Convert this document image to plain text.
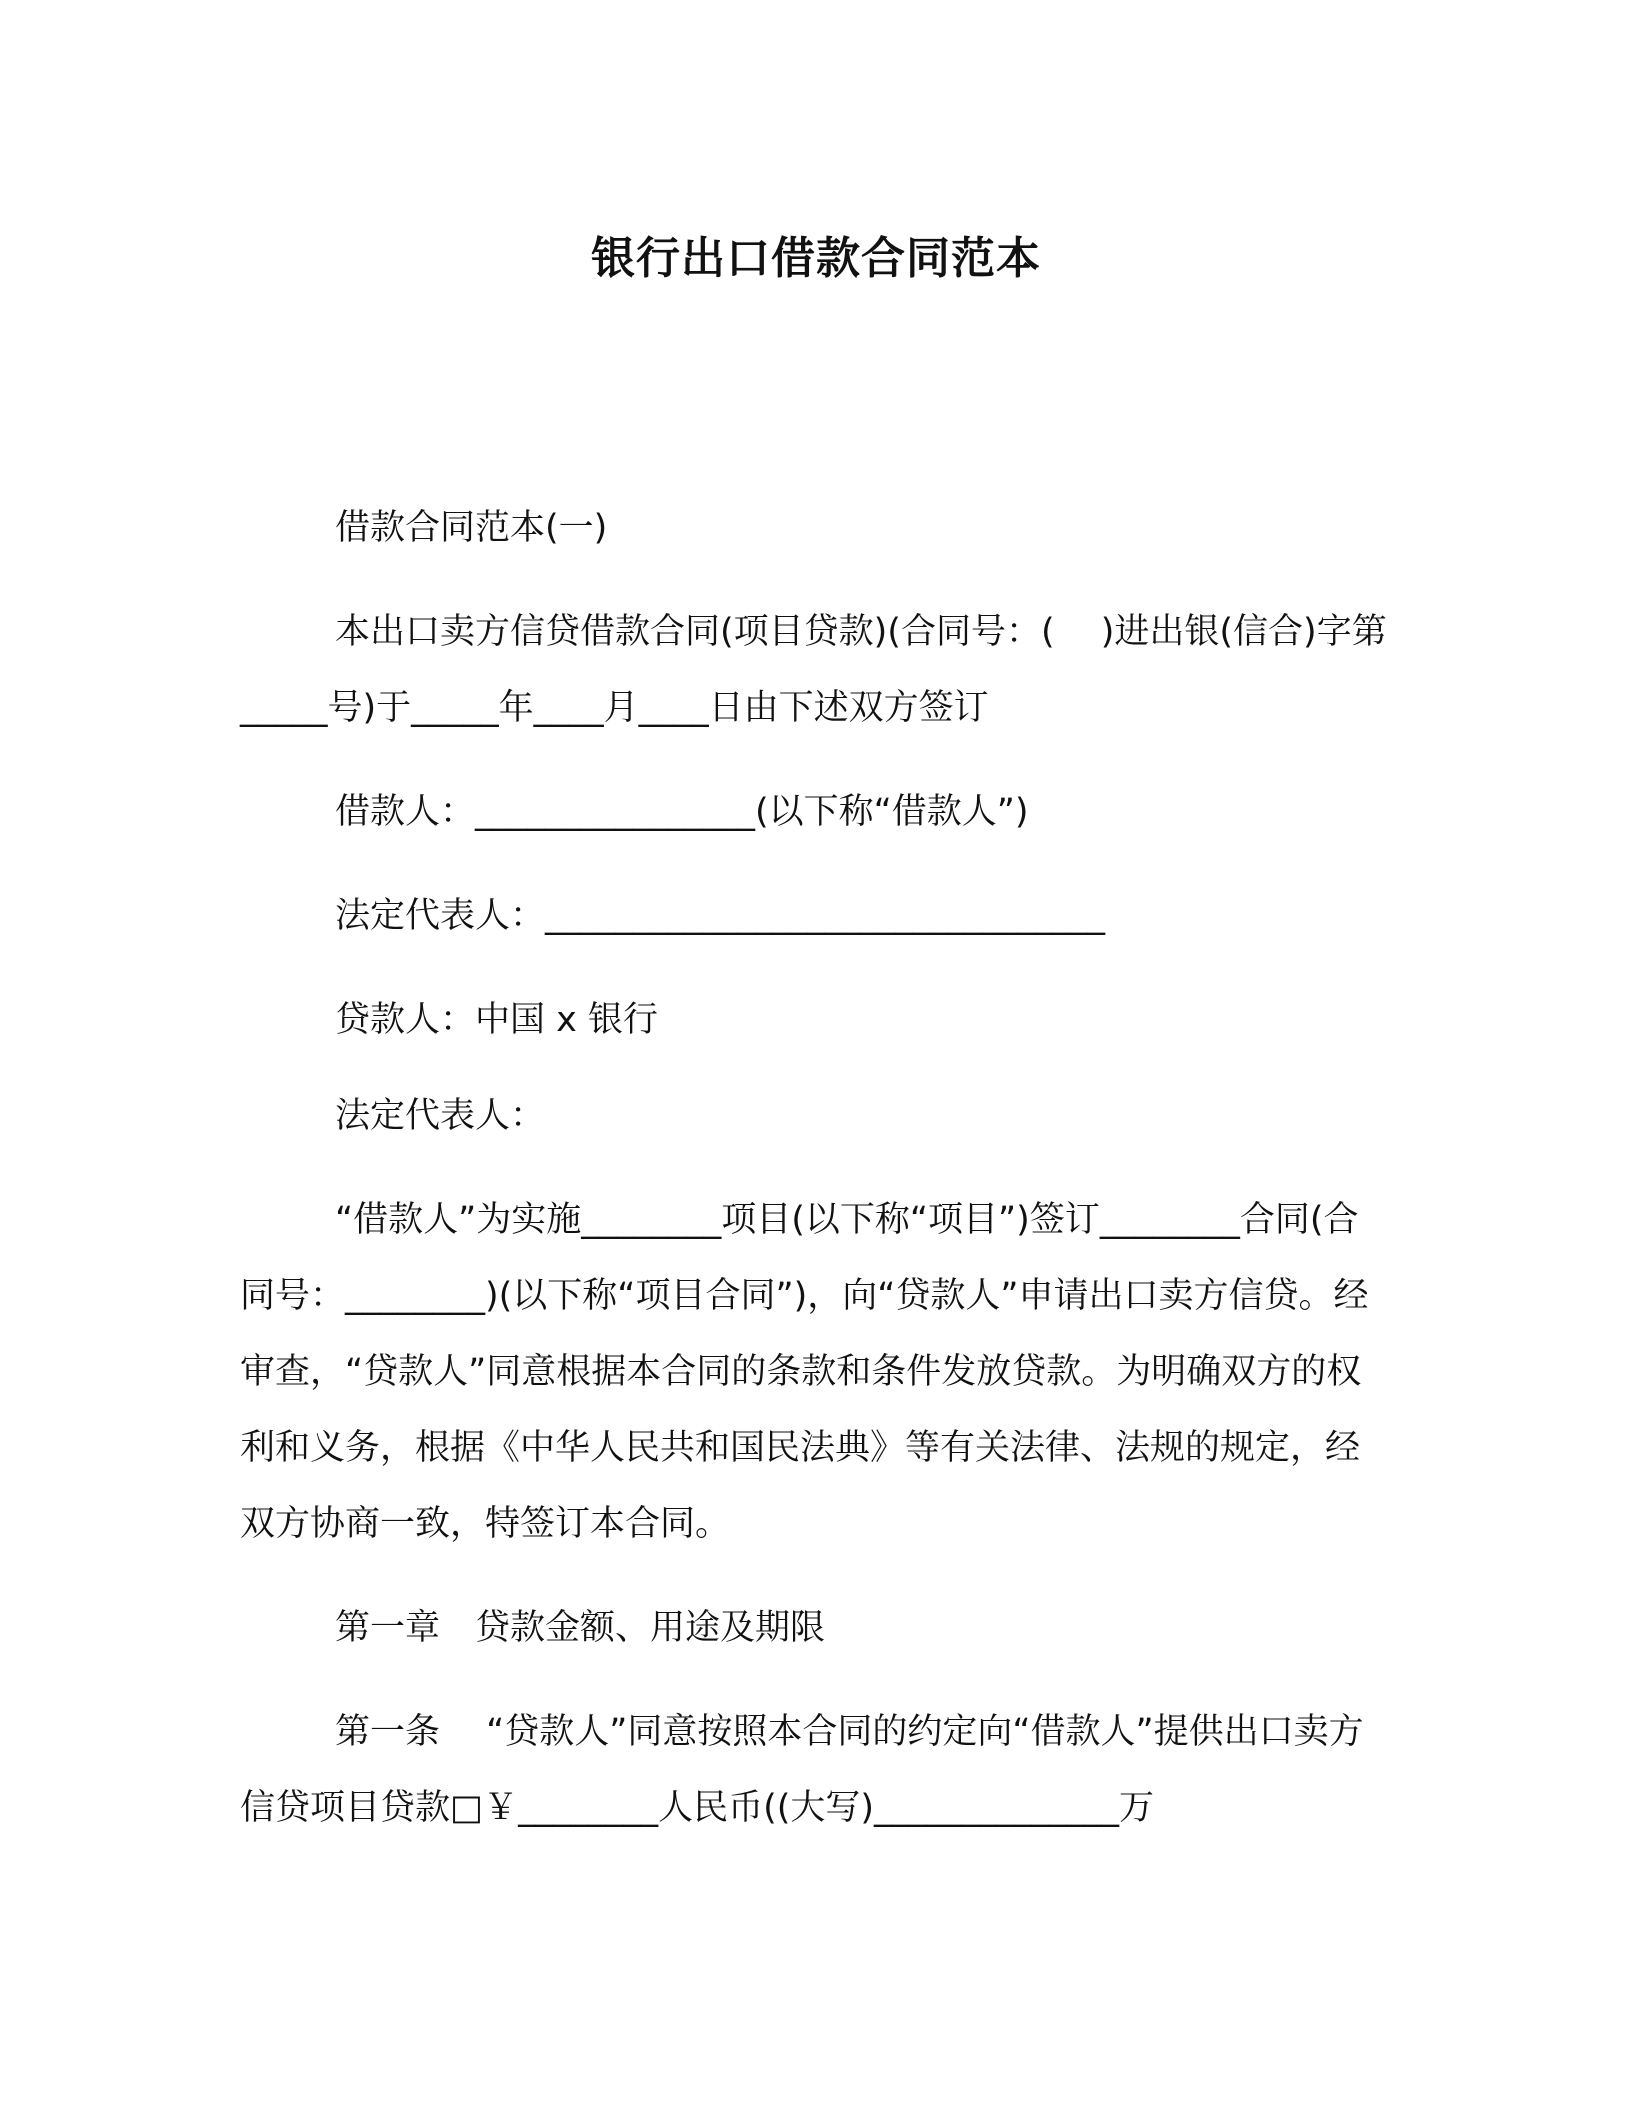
银行出口借款合同范本

借款合同范本(一)

本出口卖方信贷借款合同(项目贷款)(合同号：(　 )进出银(信合)字第_____号)于_____年____月____日由下述双方签订

借款人：________________(以下称“借款人”)

法定代表人：________________________________

贷款人：中国 x 银行

法定代表人：

“借款人”为实施________项目(以下称“项目”)签订________合同(合同号：________)(以下称“项目合同”)，向“贷款人”申请出口卖方信贷。经审查，“贷款人”同意根据本合同的条款和条件发放贷款。为明确双方的权利和义务，根据《中华人民共和国民法典》等有关法律、法规的规定，经双方协商一致，特签订本合同。

第一章　贷款金额、用途及期限

第一条　 “贷款人”同意按照本合同的约定向“借款人”提供出口卖方信贷项目贷款□￥________人民币((大写)______________万
